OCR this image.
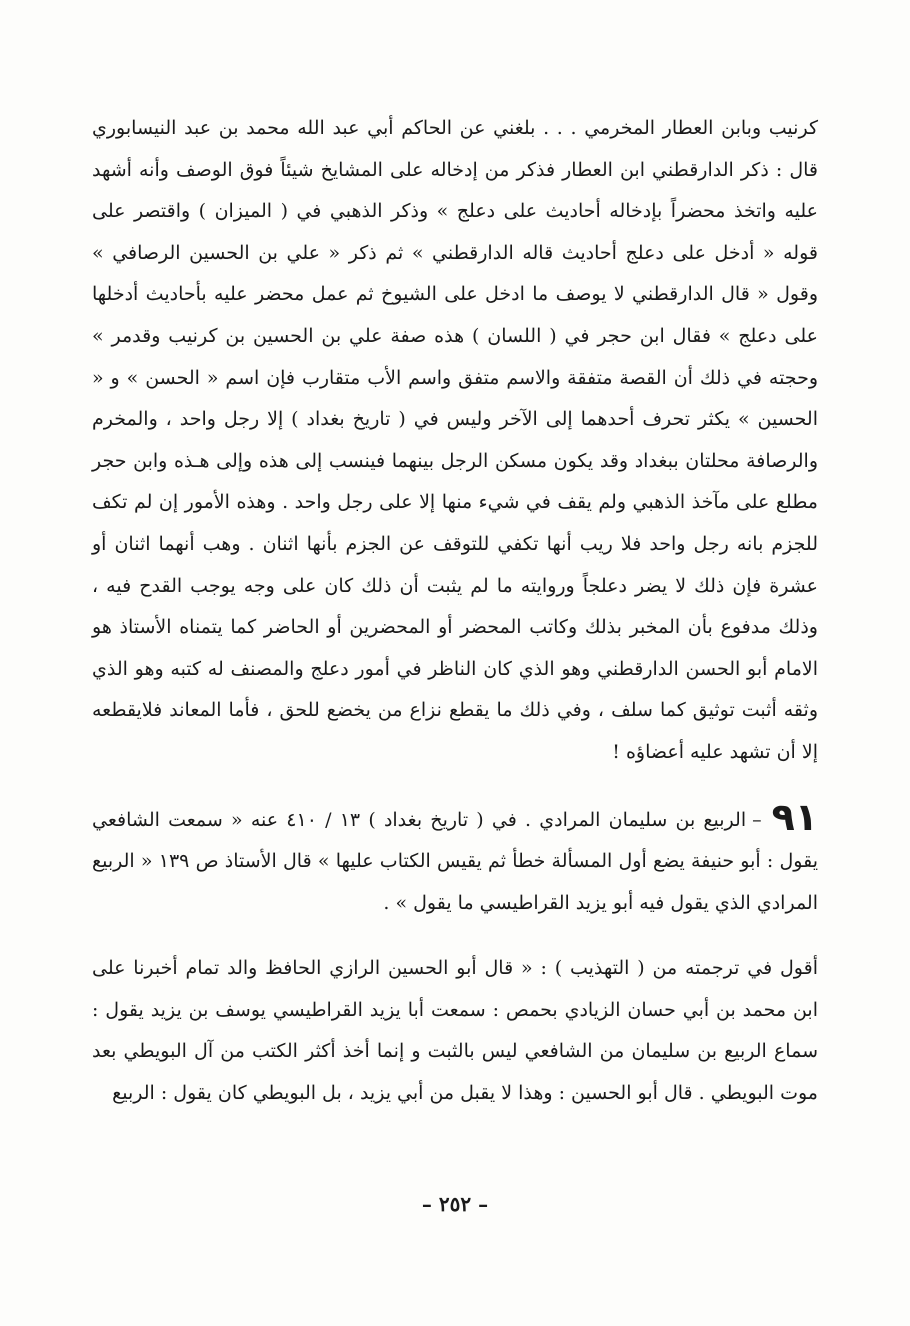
كرنيب وبابن العطار المخرمي . . . بلغني عن الحاكم أبي عبد الله محمد بن عبد النيسابوري قال : ذكر الدارقطني ابن العطار فذكر من إدخاله على المشايخ شيئاً فوق الوصف وأنه أشهد عليه واتخذ محضراً بإدخاله أحاديث على دعلج » وذكر الذهبي في ( الميزان ) واقتصر على قوله « أدخل على دعلج أحاديث قاله الدارقطني » ثم ذكر « علي بن الحسين الرصافي » وقول « قال الدارقطني لا يوصف ما ادخل على الشيوخ ثم عمل محضر عليه بأحاديث أدخلها على دعلج » فقال ابن حجر في ( اللسان ) هذه صفة علي بن الحسين بن كرنيب وقدمر » وحجته في ذلك أن القصة متفقة والاسم متفق واسم الأب متقارب فإن اسم « الحسن » و « الحسين » يكثر تحرف أحدهما إلى الآخر وليس في ( تاريخ بغداد ) إلا رجل واحد ، والمخرم والرصافة محلتان ببغداد وقد يكون مسكن الرجل بينهما فينسب إلى هذه وإلى هـذه وابن حجر مطلع على مآخذ الذهبي ولم يقف في شيء منها إلا على رجل واحد . وهذه الأمور إن لم تكف للجزم بانه رجل واحد فلا ريب أنها تكفي للتوقف عن الجزم بأنها اثنان . وهب أنهما اثنان أو عشرة فإن ذلك لا يضر دعلجاً وروايته ما لم يثبت أن ذلك كان على وجه يوجب القدح فيه ، وذلك مدفوع بأن المخبر بذلك وكاتب المحضر أو المحضرين أو الحاضر كما يتمناه الأستاذ هو الامام أبو الحسن الدارقطني وهو الذي كان الناظر في أمور دعلج والمصنف له كتبه وهو الذي وثقه أثبت توثيق كما سلف ، وفي ذلك ما يقطع نزاع من يخضع للحق ، فأما المعاند فلايقطعه إلا أن تشهد عليه أعضاؤه !

٩١–الربيع بن سليمان المرادي . في ( تاريخ بغداد ) ١٣ / ٤١٠ عنه « سمعت الشافعي يقول : أبو حنيفة يضع أول المسألة خطأ ثم يقيس الكتاب عليها » قال الأستاذ ص ١٣٩ « الربيع المرادي الذي يقول فيه أبو يزيد القراطيسي ما يقول » .

أقول في ترجمته من ( التهذيب ) : « قال أبو الحسين الرازي الحافظ والد تمام أخبرنا على ابن محمد بن أبي حسان الزيادي بحمص : سمعت أبا يزيد القراطيسي يوسف بن يزيد يقول : سماع الربيع بن سليمان من الشافعي ليس بالثبت و إنما أخذ أكثر الكتب من آل البويطي بعد موت البويطي . قال أبو الحسين : وهذا لا يقبل من أبي يزيد ، بل البويطي كان يقول : الربيع

– ٢٥٢ –
